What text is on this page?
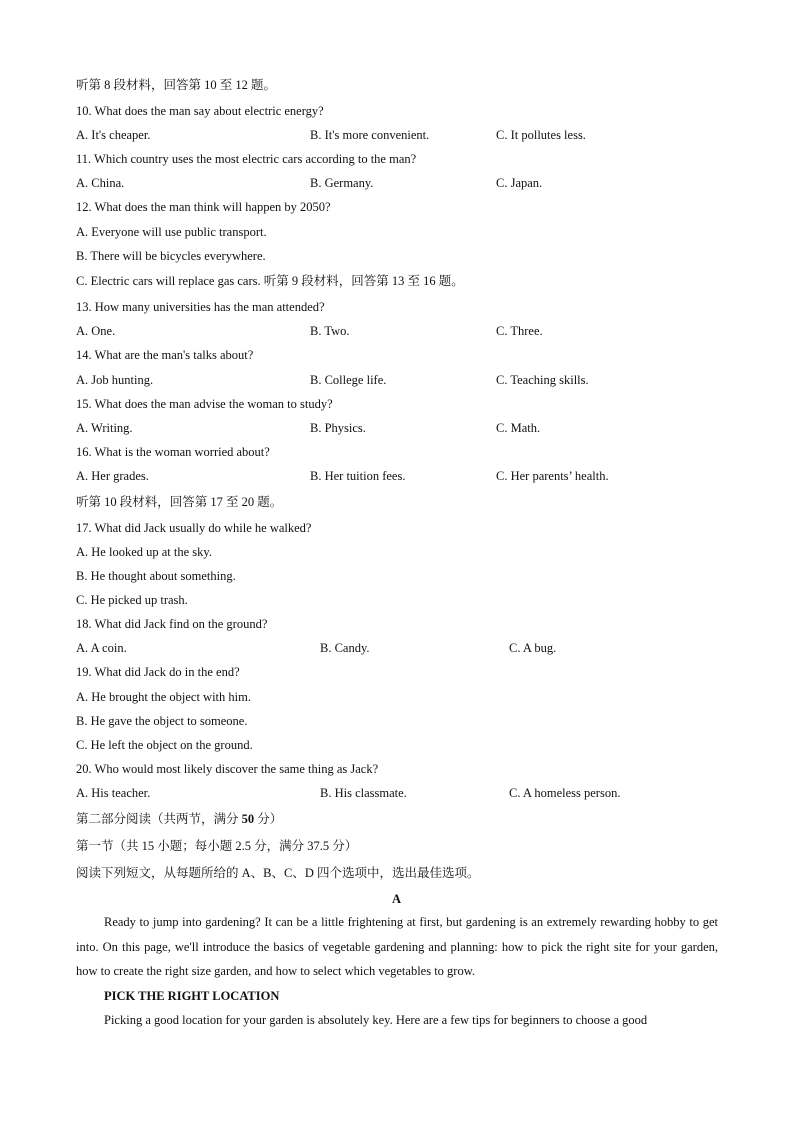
听第 8 段材料，回答第 10 至 12 题。
10. What does the man say about electric energy?
A. It's cheaper.	B. It's more convenient.	C. It pollutes less.
11. Which country uses the most electric cars according to the man?
A. China.	B. Germany.	C. Japan.
12. What does the man think will happen by 2050?
A. Everyone will use public transport.
B. There will be bicycles everywhere.
C. Electric cars will replace gas cars. 听第 9 段材料，回答第 13 至 16 题。
13. How many universities has the man attended?
A. One.	B. Two.	C. Three.
14. What are the man's talks about?
A. Job hunting.	B. College life.	C. Teaching skills.
15. What does the man advise the woman to study?
A. Writing.	B. Physics.	C. Math.
16. What is the woman worried about?
A. Her grades.	B. Her tuition fees.	C. Her parents’ health.
听第 10 段材料，回答第 17 至 20 题。
17. What did Jack usually do while he walked?
A. He looked up at the sky.
B. He thought about something.
C. He picked up trash.
18. What did Jack find on the ground?
A. A coin.	B. Candy.	C. A bug.
19. What did Jack do in the end?
A. He brought the object with him.
B. He gave the object to someone.
C. He left the object on the ground.
20. Who would most likely discover the same thing as Jack?
A. His teacher.	B. His classmate.	C. A homeless person.
第二部分阅读（共两节，满分 50 分）
第一节（共 15 小题；每小题 2.5 分，满分 37.5 分）
阅读下列短文，从每题所给的 A、B、C、D 四个选项中，选出最佳选项。
A

Ready to jump into gardening? It can be a little frightening at first, but gardening is an extremely rewarding hobby to get into. On this page, we'll introduce the basics of vegetable gardening and planning: how to pick the right site for your garden, how to create the right size garden, and how to select which vegetables to grow.

PICK THE RIGHT LOCATION

Picking a good location for your garden is absolutely key. Here are a few tips for beginners to choose a good
